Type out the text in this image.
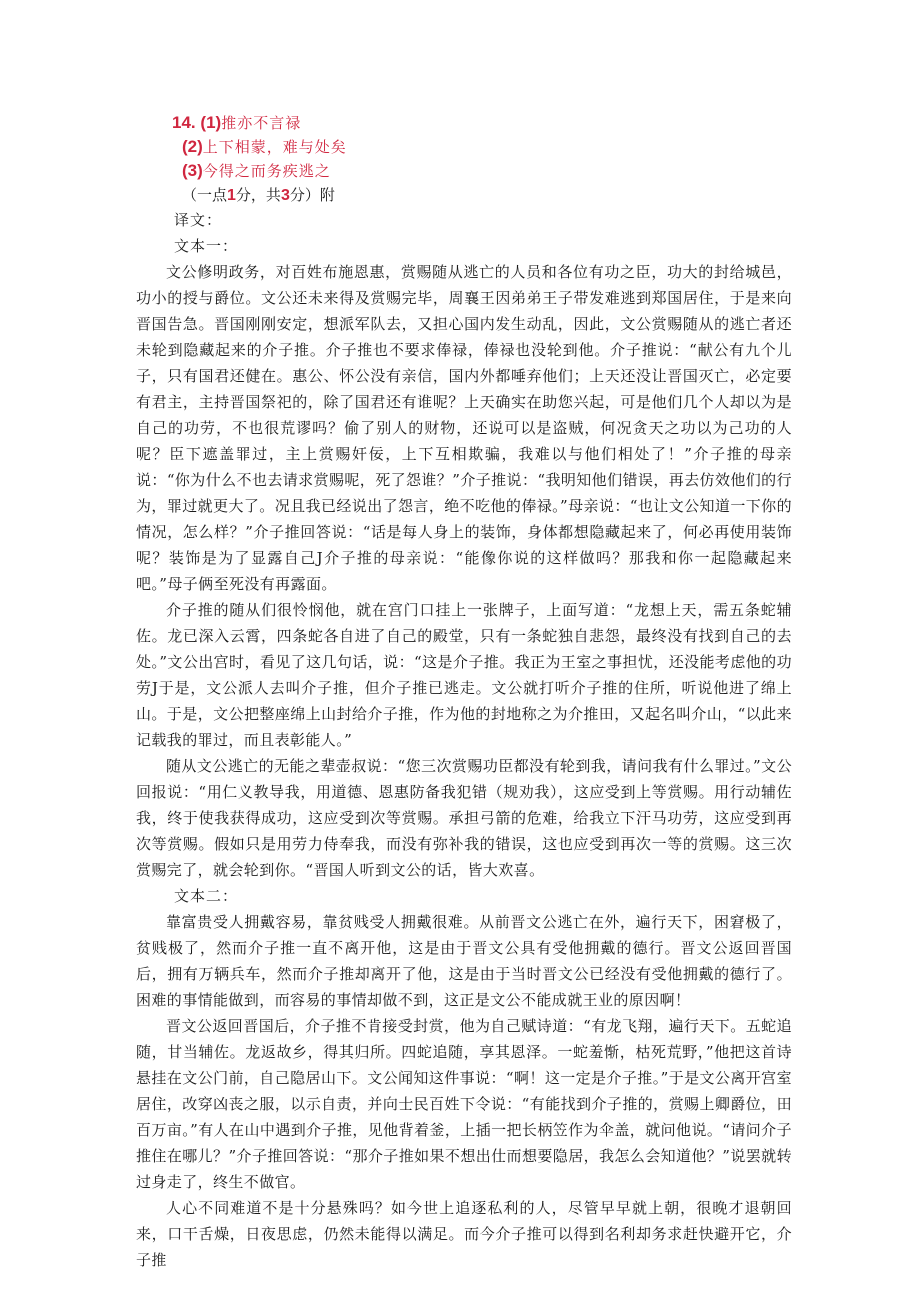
14. (1)推亦不言禄
(2)上下相蒙，难与处矣
(3)今得之而务疾逃之
（一点1分，共3分）附
译文：
文本一：

文公修明政务，对百姓布施恩惠，赏赐随从逃亡的人员和各位有功之臣，功大的封给城邑，功小的授与爵位。文公还未来得及赏赐完毕，周襄王因弟弟王子带发难逃到郑国居住，于是来向晋国告急。晋国刚刚安定，想派军队去，又担心国内发生动乱，因此，文公赏赐随从的逃亡者还未轮到隐藏起来的介子推。介子推也不要求俸禄，俸禄也没轮到他。介子推说：“献公有九个儿子，只有国君还健在。惠公、怀公没有亲信，国内外都唾弃他们；上天还没让晋国灭亡，必定要有君主，主持晋国祭祀的，除了国君还有谁呢？上天确实在助您兴起，可是他们几个人却以为是自己的功劳，不也很荒谬吗？偷了别人的财物，还说可以是盗贼，何况贪天之功以为己功的人呢？臣下遮盖罪过，主上赏赐奸佞，上下互相欺骗，我难以与他们相处了！”介子推的母亲说：“你为什么不也去请求赏赐呢，死了怨谁？”介子推说：“我明知他们错误，再去仿效他们的行为，罪过就更大了。况且我已经说出了怨言，绝不吃他的俸禄。”母亲说：“也让文公知道一下你的情况，怎么样？”介子推回答说：“话是每人身上的装饰，身体都想隐藏起来了，何必再使用装饰呢？装饰是为了显露自己J介子推的母亲说：“能像你说的这样做吗？那我和你一起隐藏起来吧。”母子俩至死没有再露面。

介子推的随从们很怜悯他，就在宫门口挂上一张牌子，上面写道：“龙想上天，需五条蛇辅佐。龙已深入云霄，四条蛇各自进了自己的殿堂，只有一条蛇独自悲怨，最终没有找到自己的去处。”文公出宫时，看见了这几句话，说：“这是介子推。我正为王室之事担忧，还没能考虑他的功劳J于是，文公派人去叫介子推，但介子推已逃走。文公就打听介子推的住所，听说他进了绵上山。于是，文公把整座绵上山封给介子推，作为他的封地称之为介推田，又起名叫介山，“以此来记载我的罪过，而且表彰能人。”

随从文公逃亡的无能之辈壶叔说：“您三次赏赐功臣都没有轮到我，请问我有什么罪过。”文公回报说：“用仁义教导我，用道德、恩惠防备我犯错（规劝我），这应受到上等赏赐。用行动辅佐我，终于使我获得成功，这应受到次等赏赐。承担弓箭的危难，给我立下汗马功劳，这应受到再次等赏赐。假如只是用劳力侍奉我，而没有弥补我的错误，这也应受到再次一等的赏赐。这三次赏赐完了，就会轮到你。“晋国人听到文公的话，皆大欢喜。

文本二：

靠富贵受人拥戴容易，靠贫贱受人拥戴很难。从前晋文公逃亡在外，遍行天下，困窘极了，贫贱极了，然而介子推一直不离开他，这是由于晋文公具有受他拥戴的德行。晋文公返回晋国后，拥有万辆兵车，然而介子推却离开了他，这是由于当时晋文公已经没有受他拥戴的德行了。困难的事情能做到，而容易的事情却做不到，这正是文公不能成就王业的原因啊！

晋文公返回晋国后，介子推不肯接受封赏，他为自己赋诗道：“有龙飞翔，遍行天下。五蛇追随，甘当辅佐。龙返故乡，得其归所。四蛇追随，享其恩泽。一蛇羞惭，枯死荒野，”他把这首诗悬挂在文公门前，自己隐居山下。文公闻知这件事说：“啊！这一定是介子推。”于是文公离开宫室居住，改穿凶丧之服，以示自责，并向士民百姓下令说：“有能找到介子推的，赏赐上卿爵位，田百万亩。”有人在山中遇到介子推，见他背着釜，上插一把长柄笠作为伞盖，就问他说。“请问介子推住在哪儿？”介子推回答说：“那介子推如果不想出仕而想要隐居，我怎么会知道他？”说罢就转过身走了，终生不做官。

人心不同难道不是十分悬殊吗？如今世上追逐私利的人，尽管早早就上朝，很晚才退朝回来，口干舌燥，日夜思虑，仍然未能得以满足。而今介子推可以得到名利却务求赶快避开它，介子推
